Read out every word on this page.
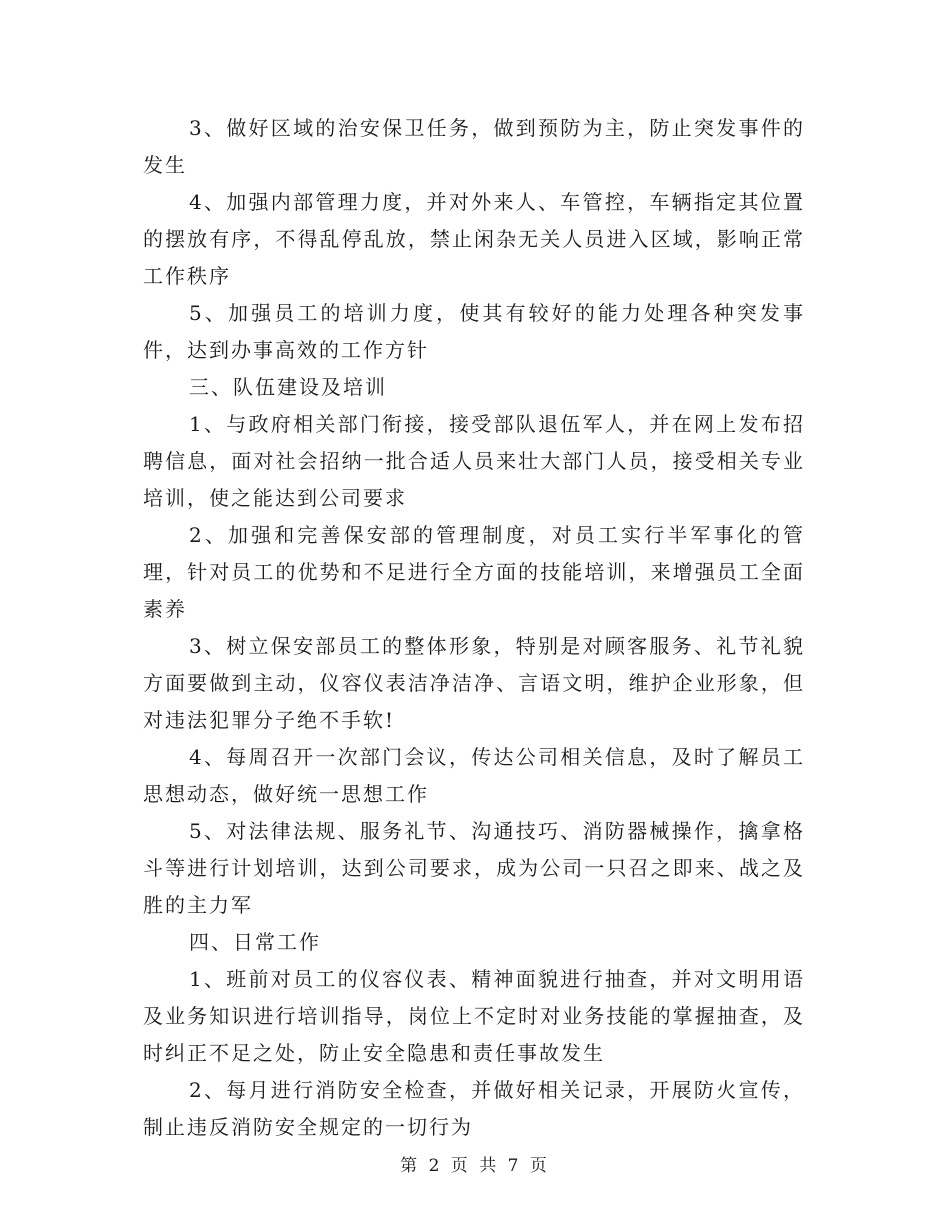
3、做好区域的治安保卫任务，做到预防为主，防止突发事件的发生

4、加强内部管理力度，并对外来人、车管控，车辆指定其位置的摆放有序，不得乱停乱放，禁止闲杂无关人员进入区域，影响正常工作秩序

5、加强员工的培训力度，使其有较好的能力处理各种突发事件，达到办事高效的工作方针

三、队伍建设及培训

1、与政府相关部门衔接，接受部队退伍军人，并在网上发布招聘信息，面对社会招纳一批合适人员来壮大部门人员，接受相关专业培训，使之能达到公司要求

2、加强和完善保安部的管理制度，对员工实行半军事化的管理，针对员工的优势和不足进行全方面的技能培训，来增强员工全面素养

3、树立保安部员工的整体形象，特别是对顾客服务、礼节礼貌方面要做到主动，仪容仪表洁净洁净、言语文明，维护企业形象，但对违法犯罪分子绝不手软!

4、每周召开一次部门会议，传达公司相关信息，及时了解员工思想动态，做好统一思想工作

5、对法律法规、服务礼节、沟通技巧、消防器械操作，擒拿格斗等进行计划培训，达到公司要求，成为公司一只召之即来、战之及胜的主力军

四、日常工作

1、班前对员工的仪容仪表、精神面貌进行抽查，并对文明用语及业务知识进行培训指导，岗位上不定时对业务技能的掌握抽查，及时纠正不足之处，防止安全隐患和责任事故发生

2、每月进行消防安全检查，并做好相关记录，开展防火宣传，制止违反消防安全规定的一切行为

第 2 页 共 7 页
